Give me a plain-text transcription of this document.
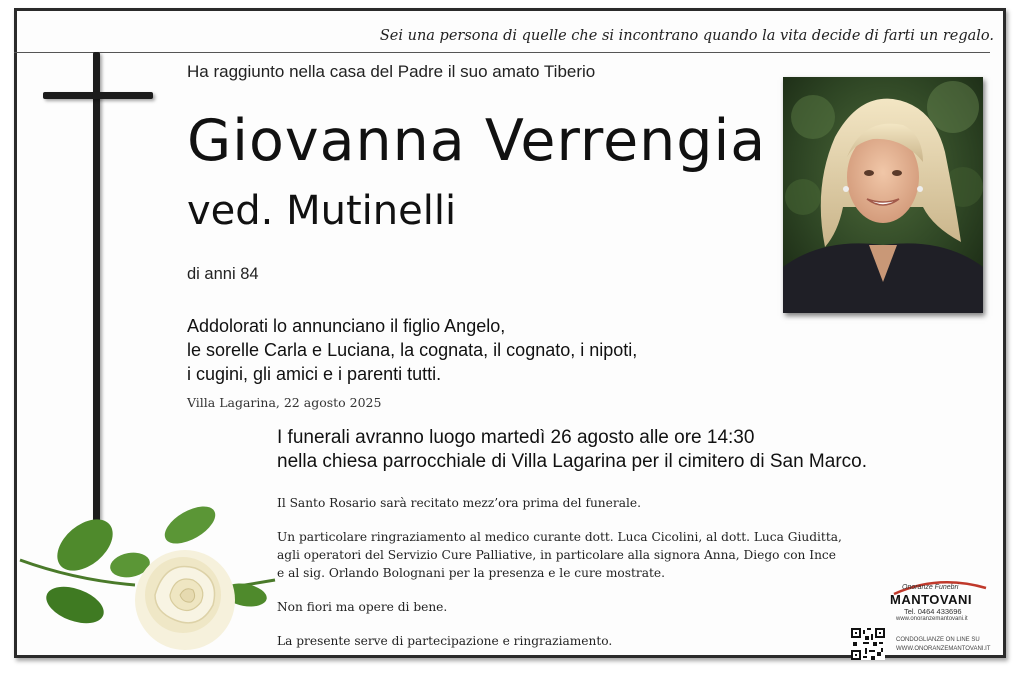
Sei una persona di quelle che si incontrano quando la vita decide di farti un regalo.
Ha raggiunto nella casa del Padre il suo amato Tiberio
Giovanna Verrengia
ved. Mutinelli
di anni 84
Addolorati lo annunciano il figlio Angelo,
le sorelle Carla e Luciana, la cognata, il cognato, i nipoti,
i cugini, gli amici e i parenti tutti.
Villa Lagarina, 22 agosto 2025
I funerali avranno luogo martedì 26 agosto alle ore 14:30
nella chiesa parrocchiale di Villa Lagarina per il cimitero di San Marco.
Il Santo Rosario sarà recitato mezz’ora prima del funerale.
Un particolare ringraziamento al medico curante dott. Luca Cicolini, al dott. Luca Giuditta,
agli operatori del Servizio Cure Palliative, in particolare alla signora Anna, Diego con Ince
e al sig. Orlando Bolognani per la presenza e le cure mostrate.
Non fiori ma opere di bene.
La presente serve di partecipazione e ringraziamento.
Onoranze Funebri
MANTOVANI
Tel. 0464 433696
www.onoranzemantovani.it
CONDOGLIANZE ON LINE SU
WWW.ONORANZEMANTOVANI.IT
